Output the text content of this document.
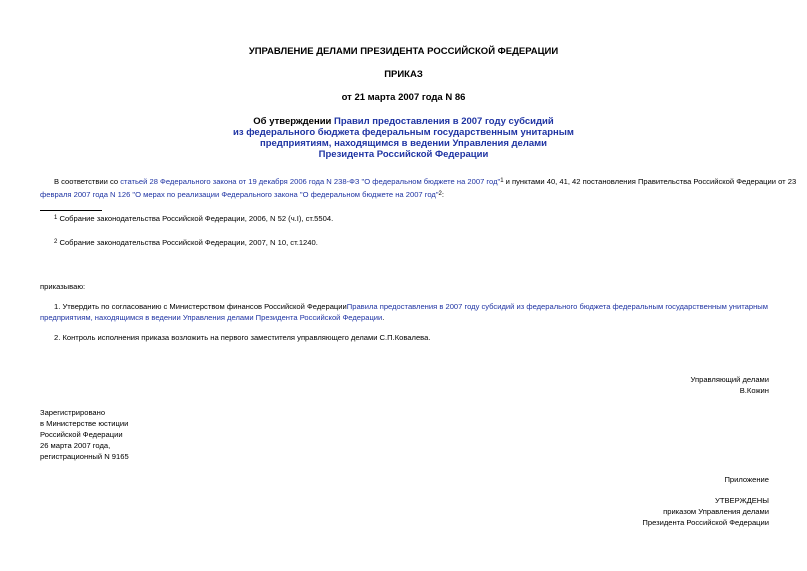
УПРАВЛЕНИЕ ДЕЛАМИ ПРЕЗИДЕНТА РОССИЙСКОЙ ФЕДЕРАЦИИ
ПРИКАЗ
от 21 марта 2007 года N 86
Об утверждении Правил предоставления в 2007 году субсидий
из федерального бюджета федеральным государственным унитарным
предприятиям, находящимся в ведении Управления делами
Президента Российской Федерации
В соответствии со статьей 28 Федерального закона от 19 декабря 2006 года N 238-ФЗ "О федеральном бюджете на 2007 год"$^1$ и пунктами 40, 41, 42 постановления Правительства Российской Федерации от 23
февраля 2007 года N 126 "О мерах по реализации Федерального закона "О федеральном бюджете на 2007 год"$^2$:
$^1$ Собрание законодательства Российской Федерации, 2006, N 52 (ч.I), ст.5504.
$^2$ Собрание законодательства Российской Федерации, 2007, N 10, ст.1240.
приказываю:
1. Утвердить по согласованию с Министерством финансов Российской ФедерацииПравила предоставления в 2007 году субсидий из федерального бюджета федеральным государственным унитарным
предприятиям, находящимся в ведении Управления делами Президента Российской Федерации.
2. Контроль исполнения приказа возложить на первого заместителя управляющего делами С.П.Ковалева.
Управляющий делами
В.Кожин
Зарегистрировано
в Министерстве юстиции
Российской Федерации
26 марта 2007 года,
регистрационный N 9165
Приложение
УТВЕРЖДЕНЫ
приказом Управления делами
Президента Российской Федерации
